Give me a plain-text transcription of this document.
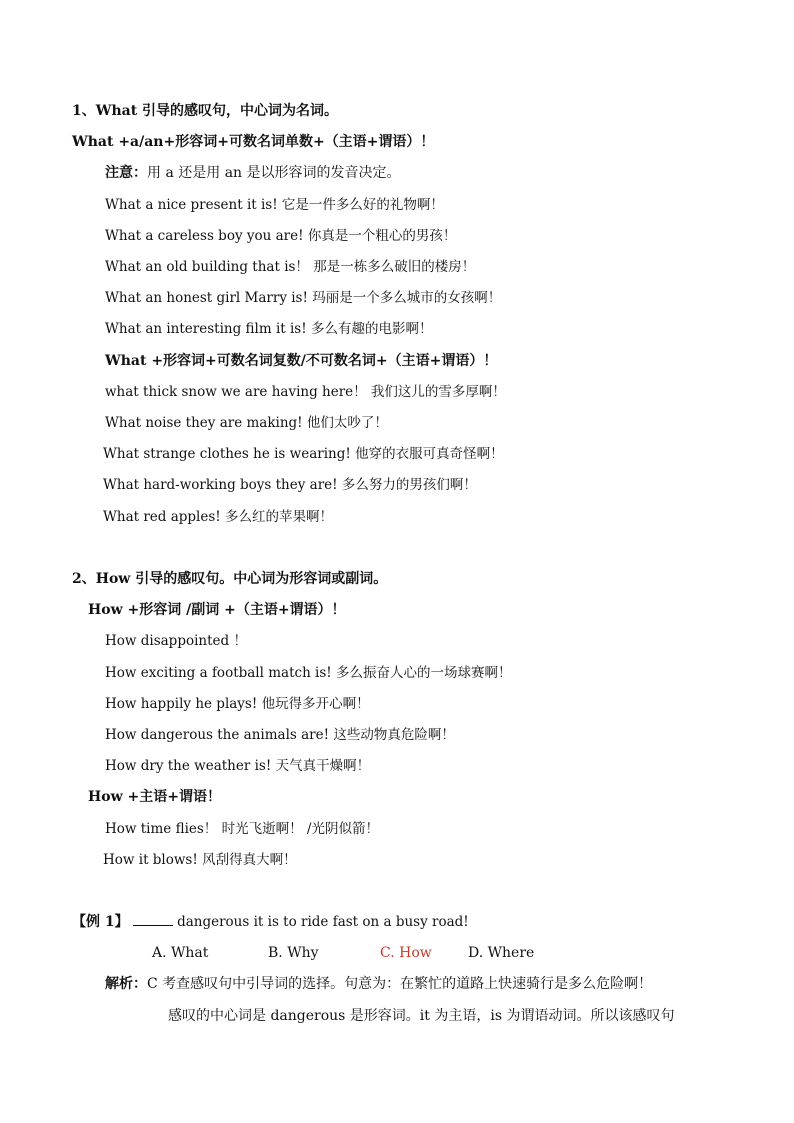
1、What 引导的感叹句，中心词为名词。
What +a/an+形容词+可数名词单数+（主语+谓语）！
注意：用 a 还是用 an 是以形容词的发音决定。
What a nice present it is! 它是一件多么好的礼物啊！
What a careless boy you are! 你真是一个粗心的男孩！
What an old building that is！ 那是一栋多么破旧的楼房！
What an honest girl Marry is! 玛丽是一个多么城市的女孩啊！
What an interesting film it is! 多么有趣的电影啊！
What +形容词+可数名词复数/不可数名词+（主语+谓语）！
what thick snow we are having here！ 我们这儿的雪多厚啊！
What noise they are making! 他们太吵了！
What strange clothes he is wearing! 他穿的衣服可真奇怪啊！
What hard-working boys they are! 多么努力的男孩们啊！
What red apples! 多么红的苹果啊！
2、How 引导的感叹句。中心词为形容词或副词。
How +形容词 /副词 +（主语+谓语）！
How disappointed ！
How exciting a football match is! 多么振奋人心的一场球赛啊！
How happily he plays! 他玩得多开心啊！
How dangerous the animals are! 这些动物真危险啊！
How dry the weather is! 天气真干燥啊！
How +主语+谓语！
How time flies！ 时光飞逝啊！ /光阴似箭！
How it blows! 风刮得真大啊！
【例 1】	dangerous it is to ride fast on a busy road!
A. What	B. Why	C. How	D. Where
解析：C 考查感叹句中引导词的选择。句意为：在繁忙的道路上快速骑行是多么危险啊！
感叹的中心词是 dangerous 是形容词。it 为主语，is 为谓语动词。所以该感叹句
